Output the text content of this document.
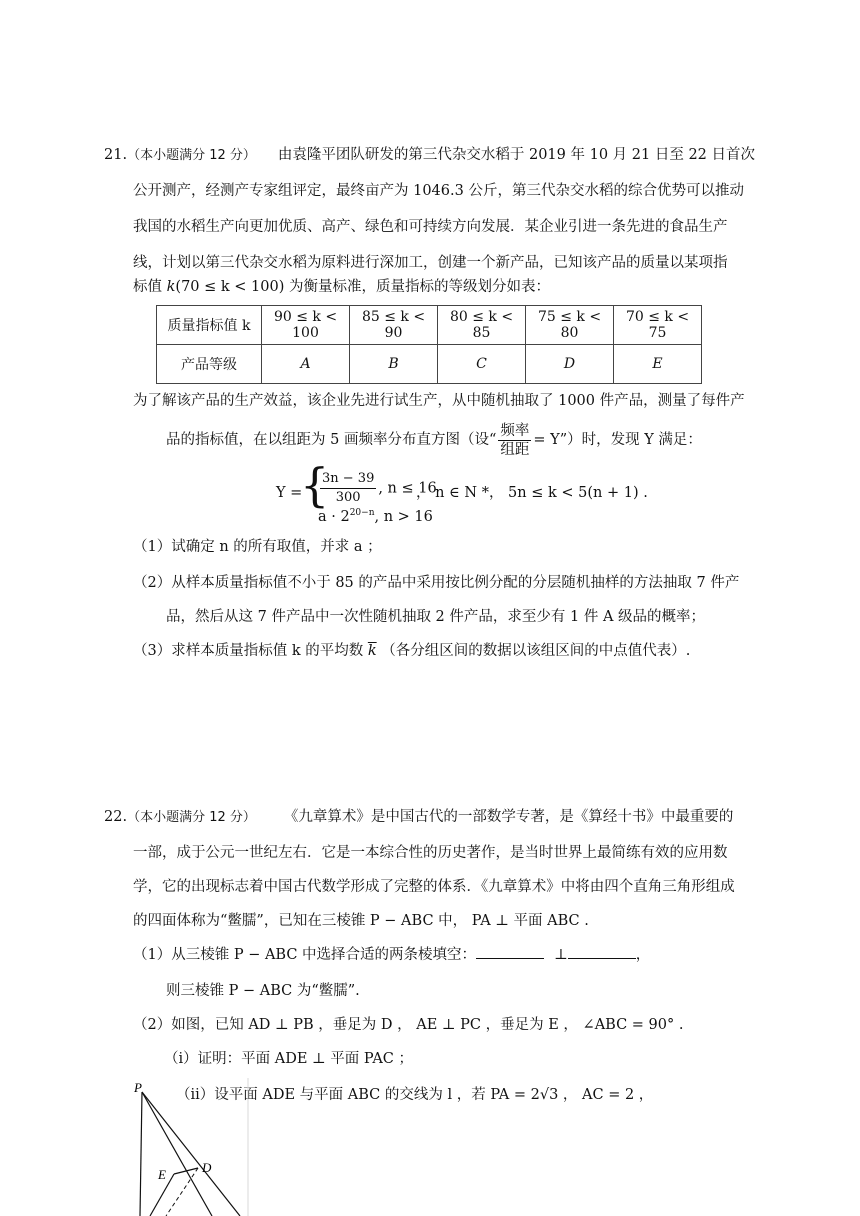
21.（本小题满分 12 分） 由袁隆平团队研发的第三代杂交水稻于 2019 年 10 月 21 日至 22 日首次
公开测产，经测产专家组评定，最终亩产为 1046.3 公斤，第三代杂交水稻的综合优势可以推动
我国的水稻生产向更加优质、高产、绿色和可持续方向发展．某企业引进一条先进的食品生产
线，计划以第三代杂交水稻为原料进行深加工，创建一个新产品，已知该产品的质量以某项指
标值 k(70 ≤ k < 100) 为衡量标准，质量指标的等级划分如表：
质量指标值 k	90 ≤ k < 100	85 ≤ k < 90	80 ≤ k < 85	75 ≤ k < 80	70 ≤ k < 75
产品等级	A	B	C	D	E
为了解该产品的生产效益，该企业先进行试生产，从中随机抽取了 1000 件产品，测量了每件产
品的指标值，在以组距为 5 画频率分布直方图（设“ $\frac{\text{频率}}{\text{组距}}$ = Y”）时，发现 Y 满足：
Y =
{
$\frac{3n - 39}{300}$ , n ≤ 16
$a \cdot 2^{20-n}$, n > 16
， n ∈ N *， 5n ≤ k < 5(n + 1) .
（1）试确定 n 的所有取值，并求 a ；
（2）从样本质量指标值不小于 85 的产品中采用按比例分配的分层随机抽样的方法抽取 7 件产
品，然后从这 7 件产品中一次性随机抽取 2 件产品，求至少有 1 件 A 级品的概率；
（3）求样本质量指标值 k 的平均数 $\overline{k}$ （各分组区间的数据以该组区间的中点值代表）.
22.（本小题满分 12 分） 《九章算术》是中国古代的一部数学专著，是《算经十书》中最重要的
一部，成于公元一世纪左右．它是一本综合性的历史著作，是当时世界上最简练有效的应用数
学，它的出现标志着中国古代数学形成了完整的体系．《九章算术》中将由四个直角三角形组成
的四面体称为“鳖臑”，已知在三棱锥 P − ABC 中， PA ⊥ 平面 ABC .
（1）从三棱锥 P − ABC 中选择合适的两条棱填空：	⊥	，
则三棱锥 P − ABC 为“鳖臑”.
（2）如图，已知 AD ⊥ PB ，垂足为 D ， AE ⊥ PC ，垂足为 E ， ∠ABC = 90° .
（i）证明：平面 ADE ⊥ 平面 PAC ；
（ii）设平面 ADE 与平面 ABC 的交线为 l ，若 PA = 2√3 ， AC = 2 ，
P
E	D
